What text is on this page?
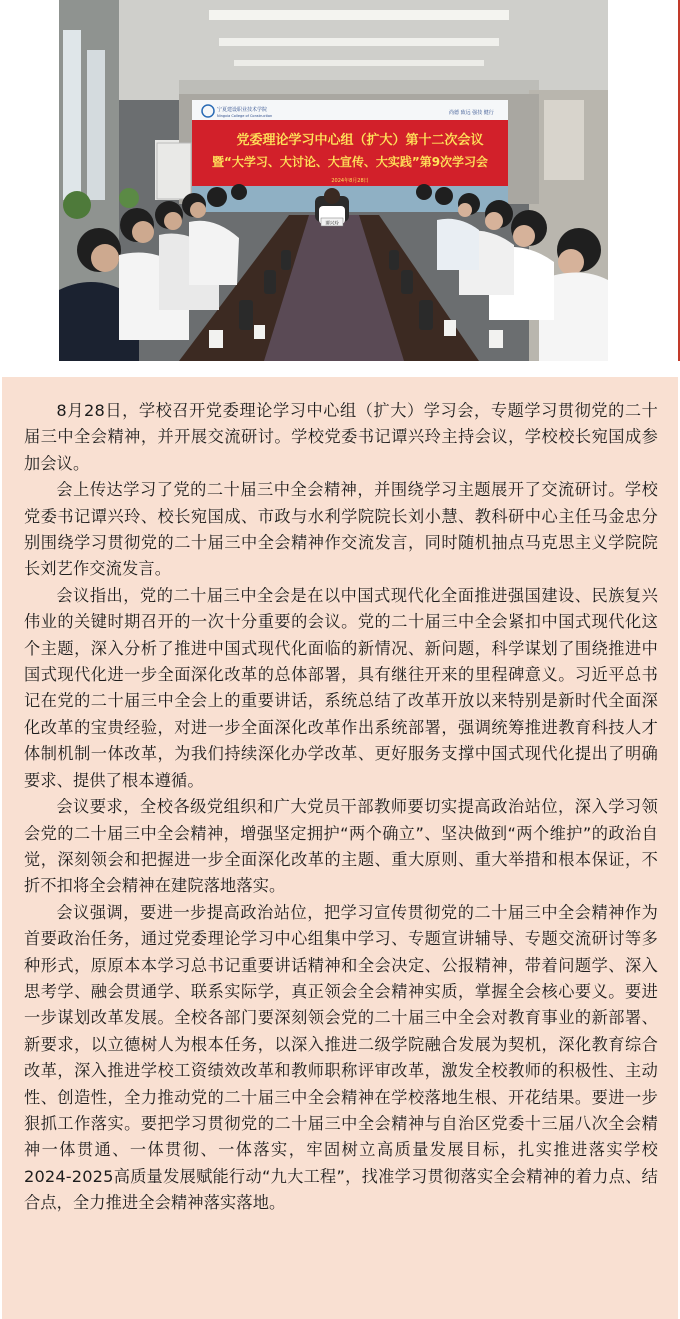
宁夏建设职业技术学院
Ningxia College of Construction	尚德 致远 强技 健行
党委理论学习中心组（扩大）第十二次会议
暨“大学习、大讨论、大宣传、大实践”第9次学习会
2024年8月28日
谭兴玲

8月28日，学校召开党委理论学习中心组（扩大）学习会，专题学习贯彻党的二十届三中全会精神，并开展交流研讨。学校党委书记谭兴玲主持会议，学校校长宛国成参加会议。

会上传达学习了党的二十届三中全会精神，并围绕学习主题展开了交流研讨。学校党委书记谭兴玲、校长宛国成、市政与水利学院院长刘小慧、教科研中心主任马金忠分别围绕学习贯彻党的二十届三中全会精神作交流发言，同时随机抽点马克思主义学院院长刘艺作交流发言。

会议指出，党的二十届三中全会是在以中国式现代化全面推进强国建设、民族复兴伟业的关键时期召开的一次十分重要的会议。党的二十届三中全会紧扣中国式现代化这个主题，深入分析了推进中国式现代化面临的新情况、新问题，科学谋划了围绕推进中国式现代化进一步全面深化改革的总体部署，具有继往开来的里程碑意义。习近平总书记在党的二十届三中全会上的重要讲话，系统总结了改革开放以来特别是新时代全面深化改革的宝贵经验，对进一步全面深化改革作出系统部署，强调统筹推进教育科技人才体制机制一体改革，为我们持续深化办学改革、更好服务支撑中国式现代化提出了明确要求、提供了根本遵循。

会议要求，全校各级党组织和广大党员干部教师要切实提高政治站位，深入学习领会党的二十届三中全会精神，增强坚定拥护“两个确立”、坚决做到“两个维护”的政治自觉，深刻领会和把握进一步全面深化改革的主题、重大原则、重大举措和根本保证，不折不扣将全会精神在建院落地落实。

会议强调，要进一步提高政治站位，把学习宣传贯彻党的二十届三中全会精神作为首要政治任务，通过党委理论学习中心组集中学习、专题宣讲辅导、专题交流研讨等多种形式，原原本本学习总书记重要讲话精神和全会决定、公报精神，带着问题学、深入思考学、融会贯通学、联系实际学，真正领会全会精神实质，掌握全会核心要义。要进一步谋划改革发展。全校各部门要深刻领会党的二十届三中全会对教育事业的新部署、新要求，以立德树人为根本任务，以深入推进二级学院融合发展为契机，深化教育综合改革，深入推进学校工资绩效改革和教师职称评审改革，激发全校教师的积极性、主动性、创造性，全力推动党的二十届三中全会精神在学校落地生根、开花结果。要进一步狠抓工作落实。要把学习贯彻党的二十届三中全会精神与自治区党委十三届八次全会精神一体贯通、一体贯彻、一体落实，牢固树立高质量发展目标，扎实推进落实学校2024-2025高质量发展赋能行动“九大工程”，找准学习贯彻落实全会精神的着力点、结合点，全力推进全会精神落实落地。
